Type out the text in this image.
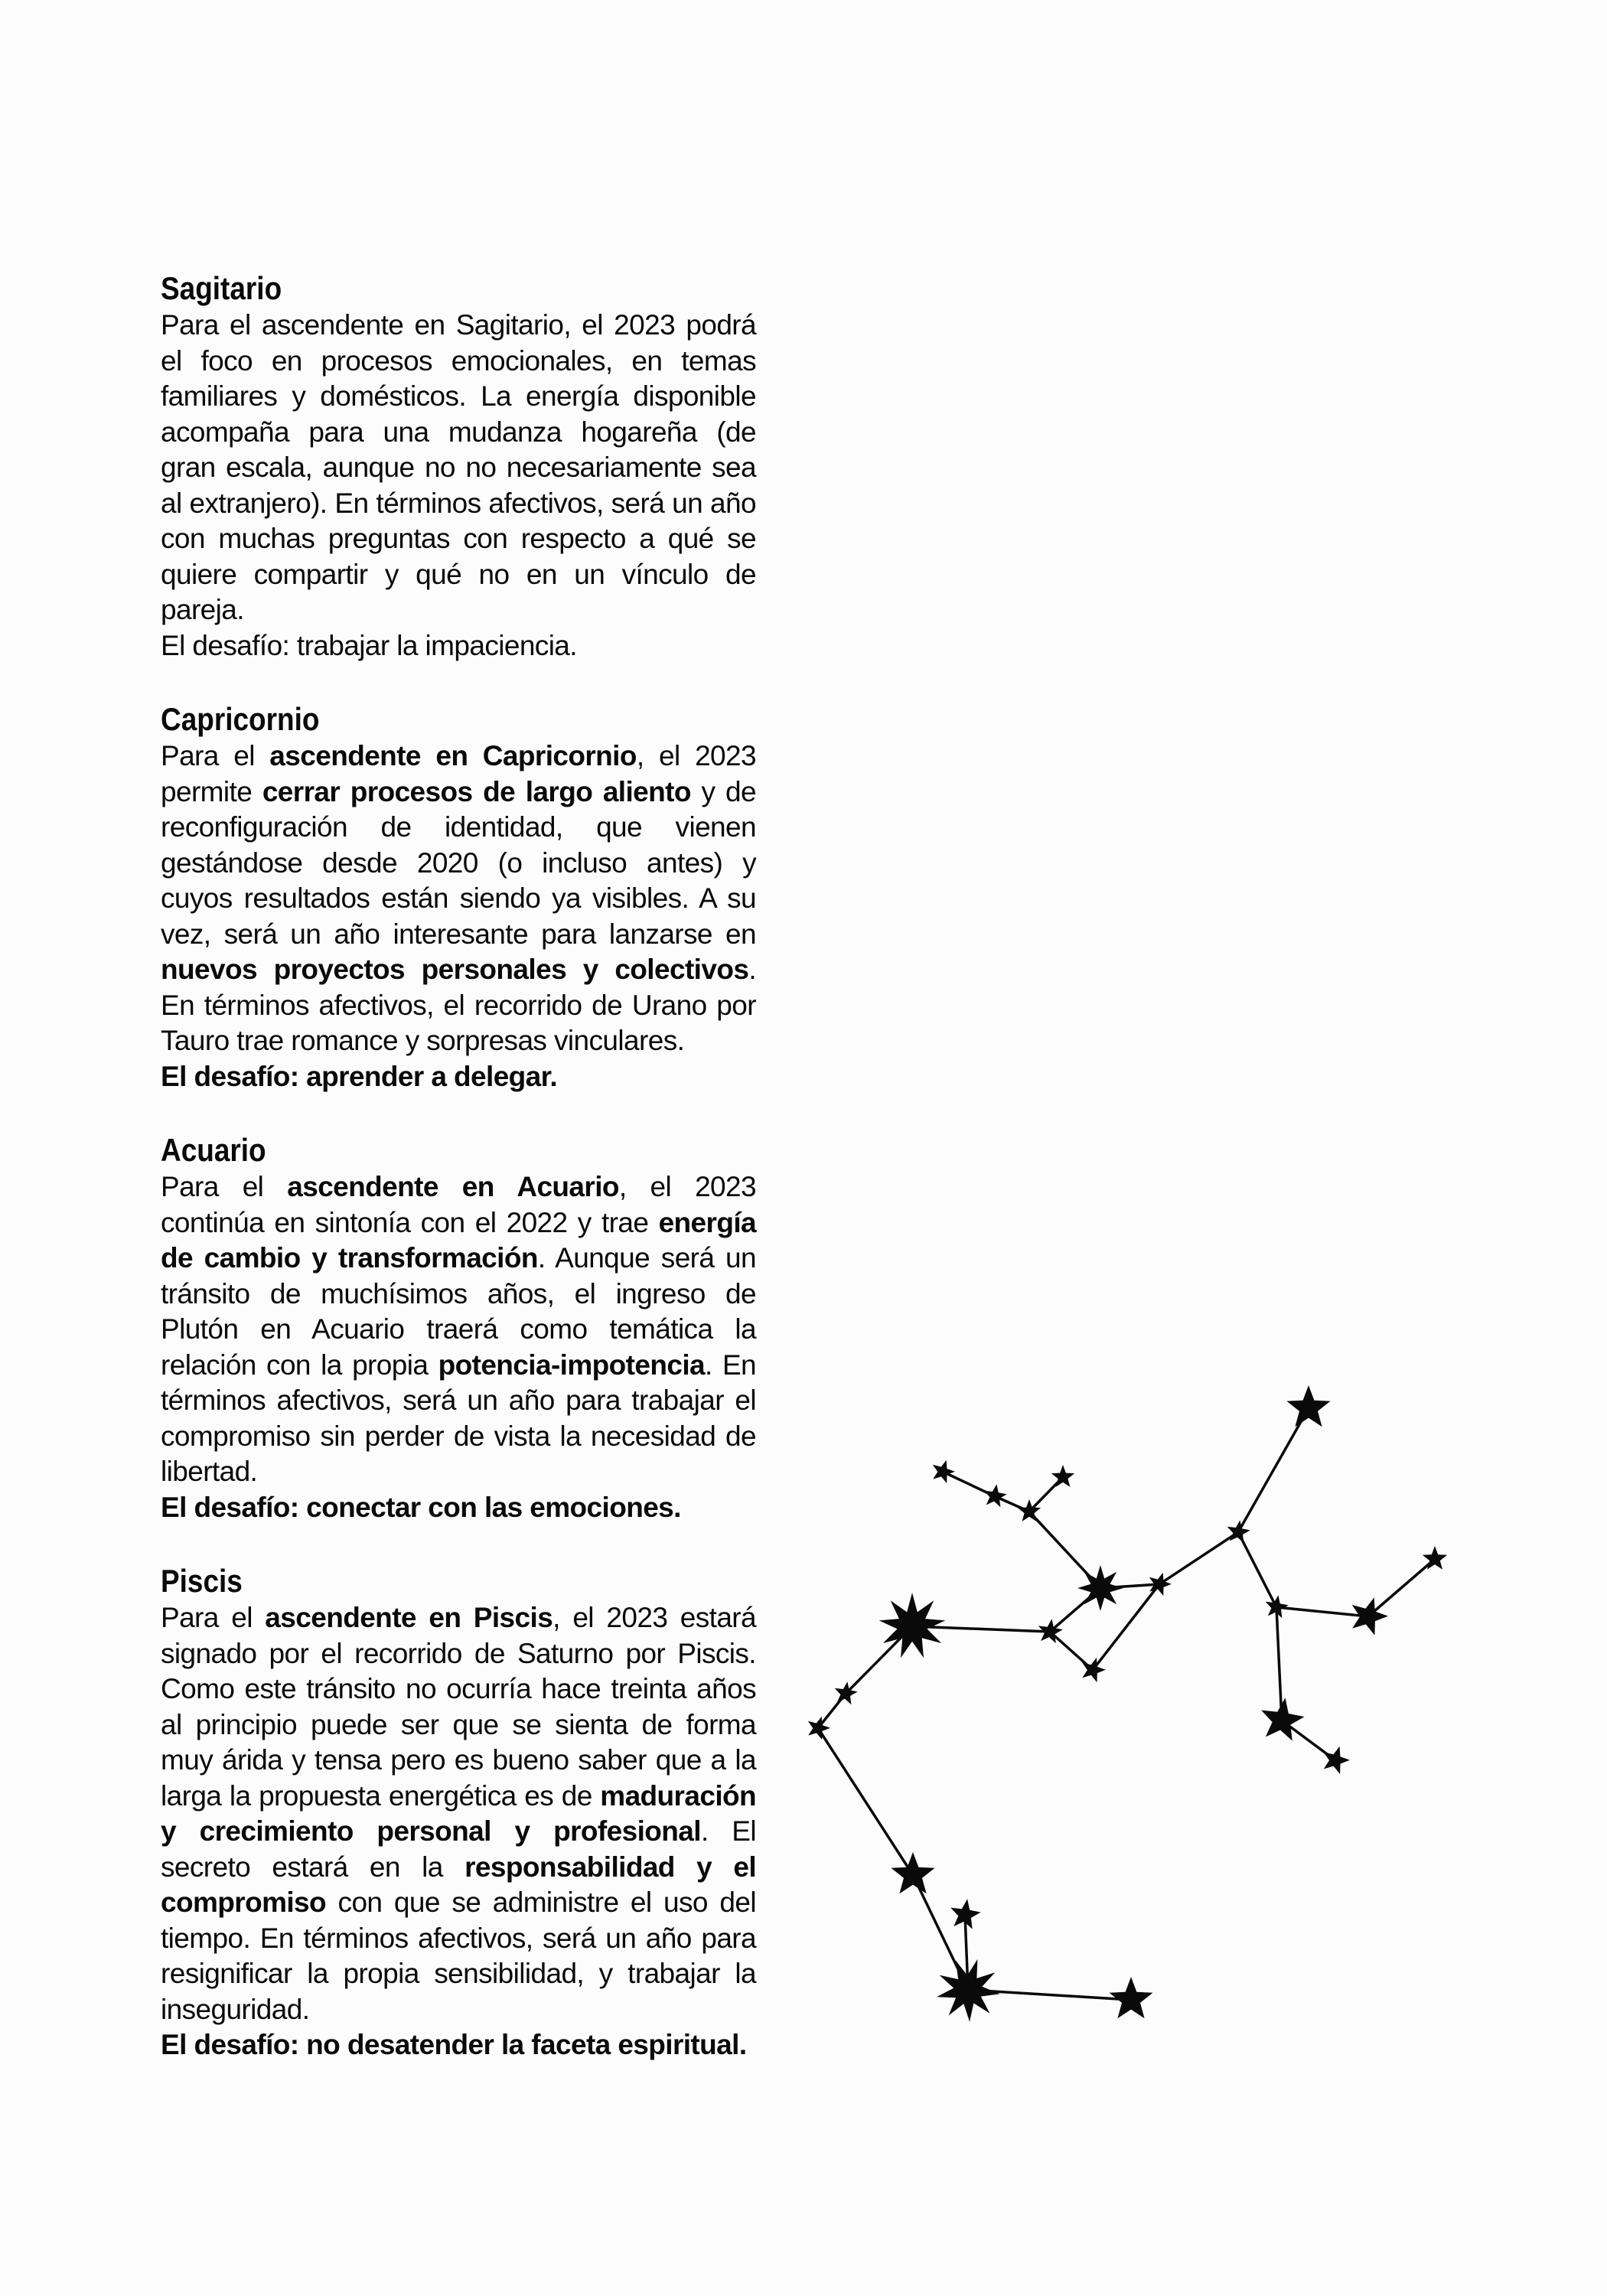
Sagitario

Para el ascendente en Sagitario, el 2023 podrá el foco en procesos emocionales, en temas familiares y domésticos. La energía disponible acompaña para una mudanza hogareña (de gran escala, aunque no no necesariamente sea al extranjero). En términos afectivos, será un año con muchas preguntas con respecto a qué se quiere compartir y qué no en un vínculo de pareja.

El desafío: trabajar la impaciencia.

Capricornio

Para el ascendente en Capricornio, el 2023 permite cerrar procesos de largo aliento y de reconfiguración de identidad, que vienen gestándose desde 2020 (o incluso antes) y cuyos resultados están siendo ya visibles. A su vez, será un año interesante para lanzarse en nuevos proyectos personales y colectivos. En términos afectivos, el recorrido de Urano por Tauro trae romance y sorpresas vinculares.

El desafío: aprender a delegar.

Acuario

Para el ascendente en Acuario, el 2023 continúa en sintonía con el 2022 y trae energía de cambio y transformación. Aunque será un tránsito de muchísimos años, el ingreso de Plutón en Acuario traerá como temática la relación con la propia potencia-impotencia. En términos afectivos, será un año para trabajar el compromiso sin perder de vista la necesidad de libertad.

El desafío: conectar con las emociones.

Piscis

Para el ascendente en Piscis, el 2023 estará signado por el recorrido de Saturno por Piscis. Como este tránsito no ocurría hace treinta años al principio puede ser que se sienta de forma muy árida y tensa pero es bueno saber que a la larga la propuesta energética es de maduración y crecimiento personal y profesional. El secreto estará en la responsabilidad y el compromiso con que se administre el uso del tiempo. En términos afectivos, será un año para resignificar la propia sensibilidad, y trabajar la inseguridad.

El desafío: no desatender la faceta espiritual.
